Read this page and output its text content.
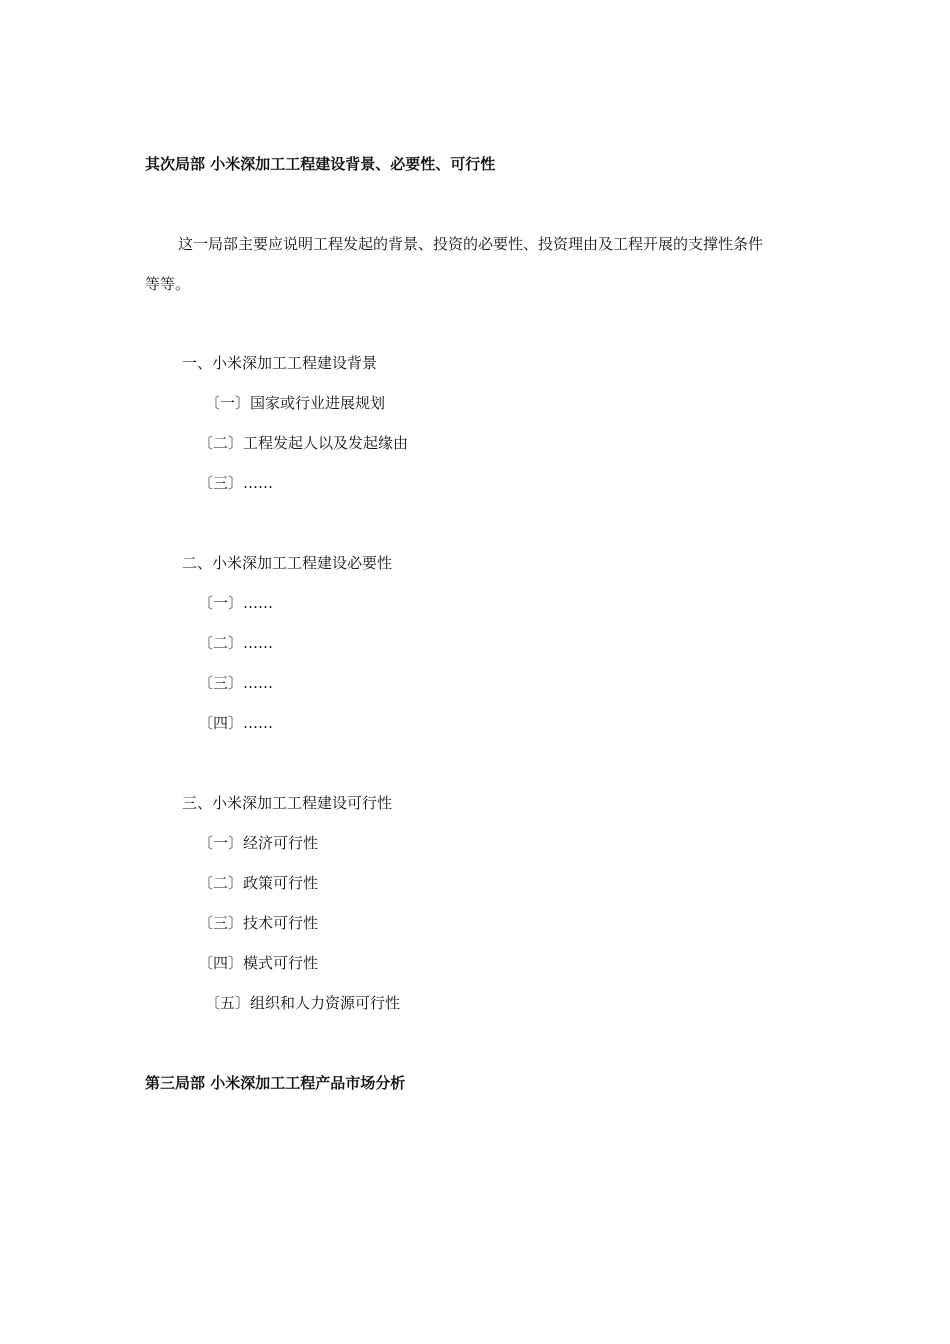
其次局部 小米深加工工程建设背景、必要性、可行性
这一局部主要应说明工程发起的背景、投资的必要性、投资理由及工程开展的支撑性条件
等等。
一、小米深加工工程建设背景
〔一〕国家或行业进展规划
〔二〕工程发起人以及发起缘由
〔三〕……
二、小米深加工工程建设必要性
〔一〕……
〔二〕……
〔三〕……
〔四〕……
三、小米深加工工程建设可行性
〔一〕经济可行性
〔二〕政策可行性
〔三〕技术可行性
〔四〕模式可行性
〔五〕组织和人力资源可行性
第三局部 小米深加工工程产品市场分析
